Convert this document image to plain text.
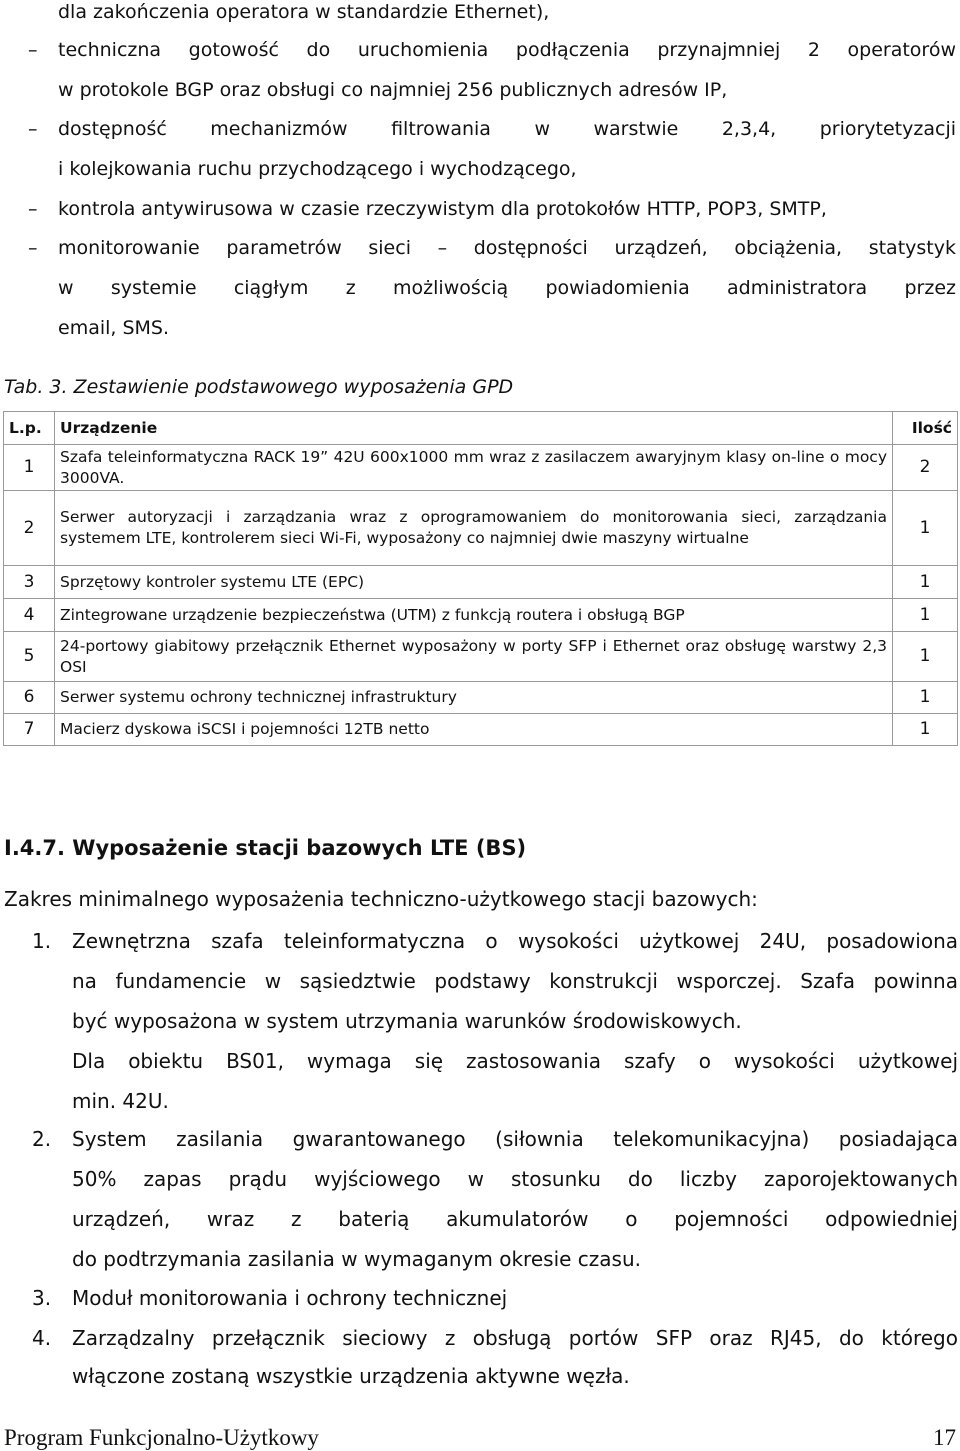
dla zakończenia operatora w standardzie Ethernet),
– techniczna gotowość do uruchomienia podłączenia przynajmniej 2 operatorów
w protokole BGP oraz obsługi co najmniej 256 publicznych adresów IP,
– dostępność mechanizmów filtrowania w warstwie 2,3,4, priorytetyzacji
i kolejkowania ruchu przychodzącego i wychodzącego,
– kontrola antywirusowa w czasie rzeczywistym dla protokołów HTTP, POP3, SMTP,
– monitorowanie parametrów sieci – dostępności urządzeń, obciążenia, statystyk
w systemie ciągłym z możliwością powiadomienia administratora przez
email, SMS.
Tab. 3. Zestawienie podstawowego wyposażenia GPD
L.p.	Urządzenie	Ilość
1	Szafa teleinformatyczna RACK 19” 42U 600x1000 mm wraz z zasilaczem awaryjnym klasy on-line o mocy 3000VA.	2
2	Serwer autoryzacji i zarządzania wraz z oprogramowaniem do monitorowania sieci, zarządzania systemem LTE, kontrolerem sieci Wi-Fi, wyposażony co najmniej dwie maszyny wirtualne	1
3	Sprzętowy kontroler systemu LTE (EPC)	1
4	Zintegrowane urządzenie bezpieczeństwa (UTM) z funkcją routera i obsługą BGP	1
5	24-portowy giabitowy przełącznik Ethernet wyposażony w porty SFP i Ethernet oraz obsługę warstwy 2,3 OSI	1
6	Serwer systemu ochrony technicznej infrastruktury	1
7	Macierz dyskowa iSCSI i pojemności 12TB netto	1
I.4.7. Wyposażenie stacji bazowych LTE (BS)
Zakres minimalnego wyposażenia techniczno-użytkowego stacji bazowych:
1. Zewnętrzna szafa teleinformatyczna o wysokości użytkowej 24U, posadowiona
na fundamencie w sąsiedztwie podstawy konstrukcji wsporczej. Szafa powinna
być wyposażona w system utrzymania warunków środowiskowych.
Dla obiektu BS01, wymaga się zastosowania szafy o wysokości użytkowej
min. 42U.
2. System zasilania gwarantowanego (siłownia telekomunikacyjna) posiadająca
50% zapas prądu wyjściowego w stosunku do liczby zaporojektowanych
urządzeń, wraz z baterią akumulatorów o pojemności odpowiedniej
do podtrzymania zasilania w wymaganym okresie czasu.
3. Moduł monitorowania i ochrony technicznej
4. Zarządzalny przełącznik sieciowy z obsługą portów SFP oraz RJ45, do którego
włączone zostaną wszystkie urządzenia aktywne węzła.
Program Funkcjonalno-Użytkowy	17
